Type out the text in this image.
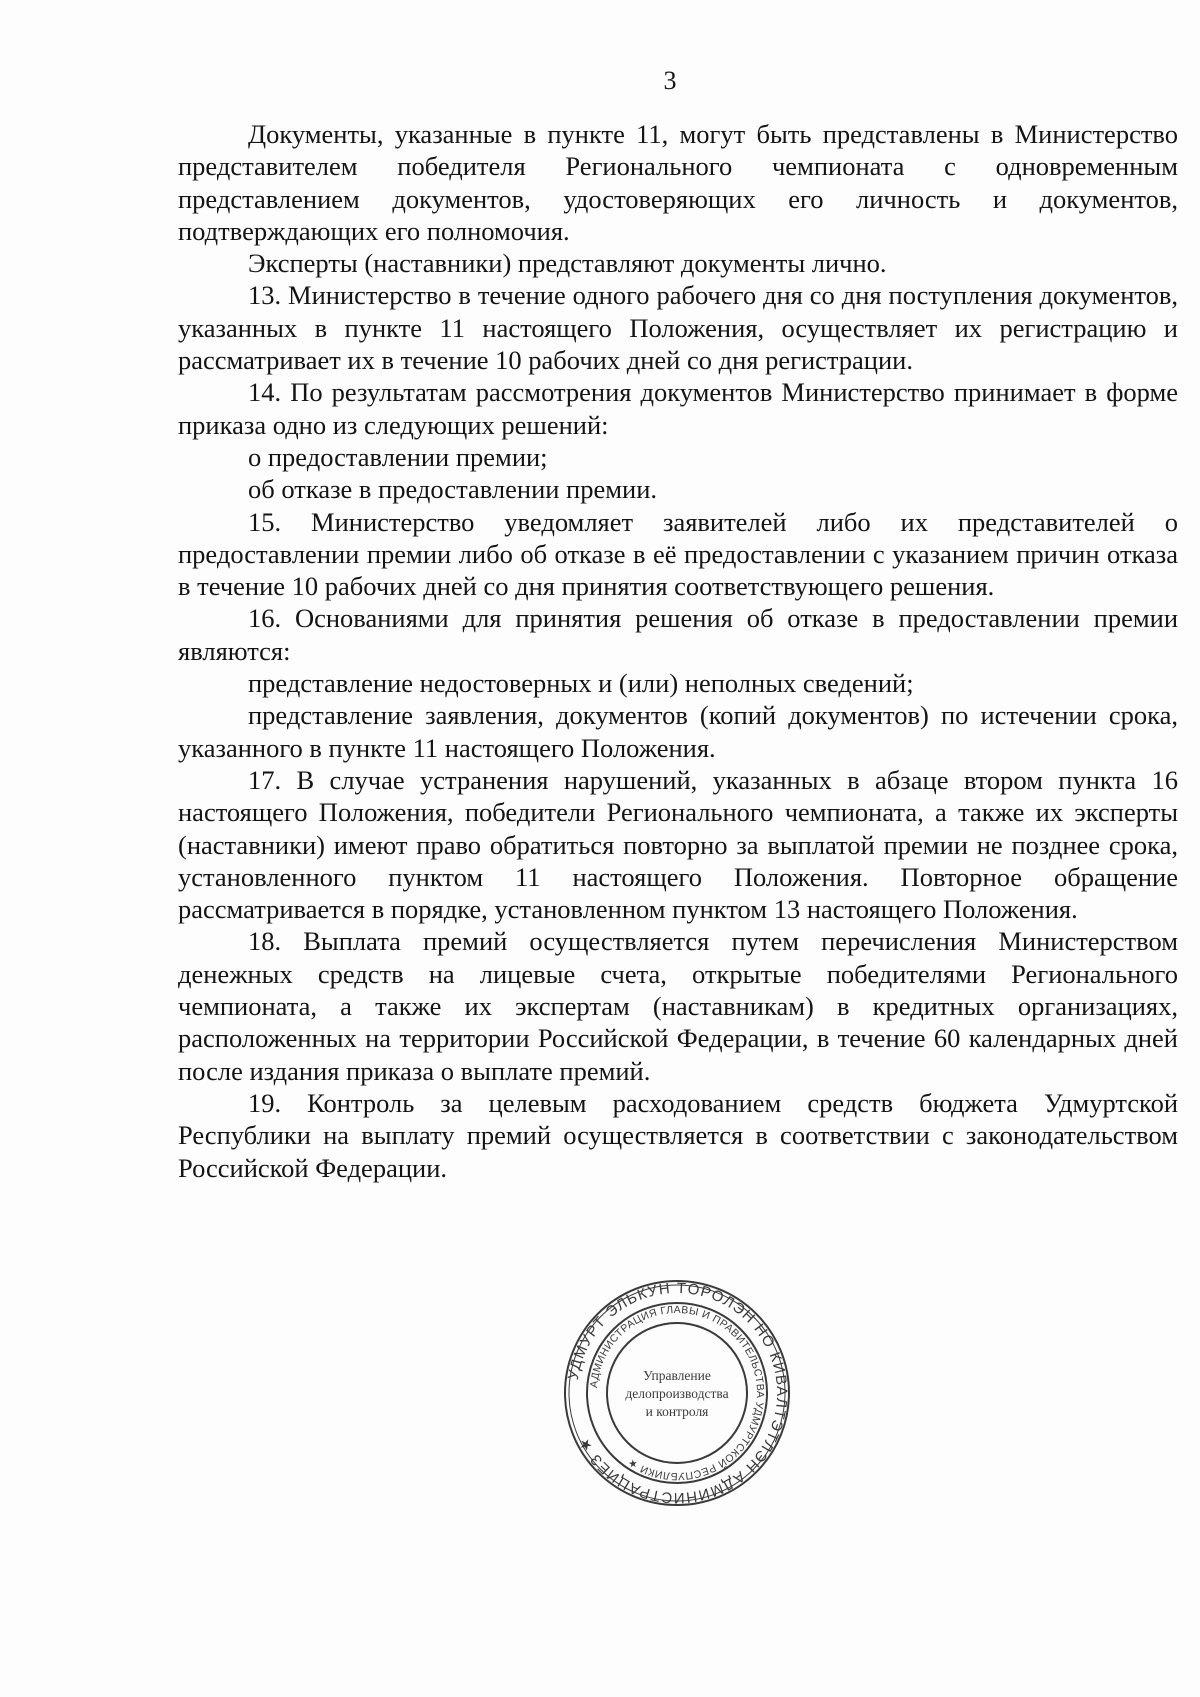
3

Документы, указанные в пункте 11, могут быть представлены в Министерство представителем победителя Регионального чемпионата с одновременным представлением документов, удостоверяющих его личность и документов, подтверждающих его полномочия.

Эксперты (наставники) представляют документы лично.

13. Министерство в течение одного рабочего дня со дня поступления документов, указанных в пункте 11 настоящего Положения, осуществляет их регистрацию и рассматривает их в течение 10 рабочих дней со дня регистрации.

14. По результатам рассмотрения документов Министерство принимает в форме приказа одно из следующих решений:

о предоставлении премии;

об отказе в предоставлении премии.

15. Министерство уведомляет заявителей либо их представителей о предоставлении премии либо об отказе в её предоставлении с указанием причин отказа в течение 10 рабочих дней со дня принятия соответствующего решения.

16. Основаниями для принятия решения об отказе в предоставлении премии являются:

представление недостоверных и (или) неполных сведений;

представление заявления, документов (копий документов) по истечении срока, указанного в пункте 11 настоящего Положения.

17. В случае устранения нарушений, указанных в абзаце втором пункта 16 настоящего Положения, победители Регионального чемпионата, а также их эксперты (наставники) имеют право обратиться повторно за выплатой премии не позднее срока, установленного пунктом 11 настоящего Положения. Повторное обращение рассматривается в порядке, установленном пунктом 13 настоящего Положения.

18. Выплата премий осуществляется путем перечисления Министерством денежных средств на лицевые счета, открытые победителями Регионального чемпионата, а также их экспертам (наставникам) в кредитных организациях, расположенных на территории Российской Федерации, в течение 60 календарных дней после издания приказа о выплате премий.

19. Контроль за целевым расходованием средств бюджета Удмуртской Республики на выплату премий осуществляется в соответствии с законодательством Российской Федерации.

УДМУРТ ЭЛЬКУН ТӦРОЛЭН НО КИВАЛТЭТЛЭН АДМИНИСТРАЦИЕЗ ★
АДМИНИСТРАЦИЯ ГЛАВЫ И ПРАВИТЕЛЬСТВА УДМУРТСКОЙ РЕСПУБЛИКИ ★
Управление
делопроизводства
и контроля
